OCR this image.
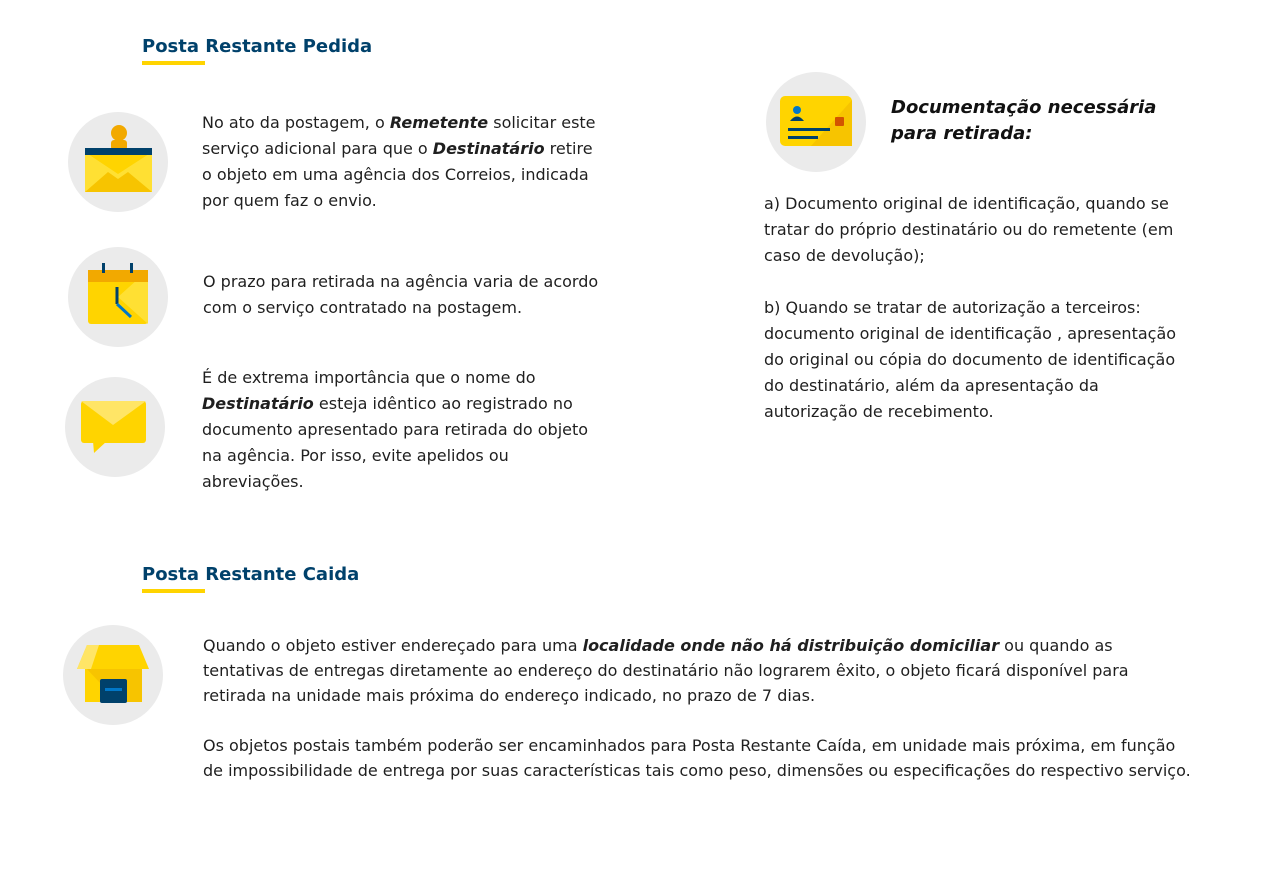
Posta Restante Pedida

No ato da postagem, o Remetente solicitar este serviço adicional para que o Destinatário retire o objeto em uma agência dos Correios, indicada por quem faz o envio.

O prazo para retirada na agência varia de acordo com o serviço contratado na postagem.

É de extrema importância que o nome do Destinatário esteja idêntico ao registrado no documento apresentado para retirada do objeto na agência. Por isso, evite apelidos ou abreviações.

Documentação necessária
para retirada:

a) Documento original de identificação, quando se tratar do próprio destinatário ou do remetente (em caso de devolução);

b) Quando se tratar de autorização a terceiros: documento original de identificação , apresentação do original ou cópia do documento de identificação do destinatário, além da apresentação da autorização de recebimento.

Posta Restante Caida

Quando o objeto estiver endereçado para uma localidade onde não há distribuição domiciliar ou quando as tentativas de entregas diretamente ao endereço do destinatário não lograrem êxito, o objeto ficará disponível para retirada na unidade mais próxima do endereço indicado, no prazo de 7 dias.

Os objetos postais também poderão ser encaminhados para Posta Restante Caída, em unidade mais próxima, em função de impossibilidade de entrega por suas características tais como peso, dimensões ou especificações do respectivo serviço.
